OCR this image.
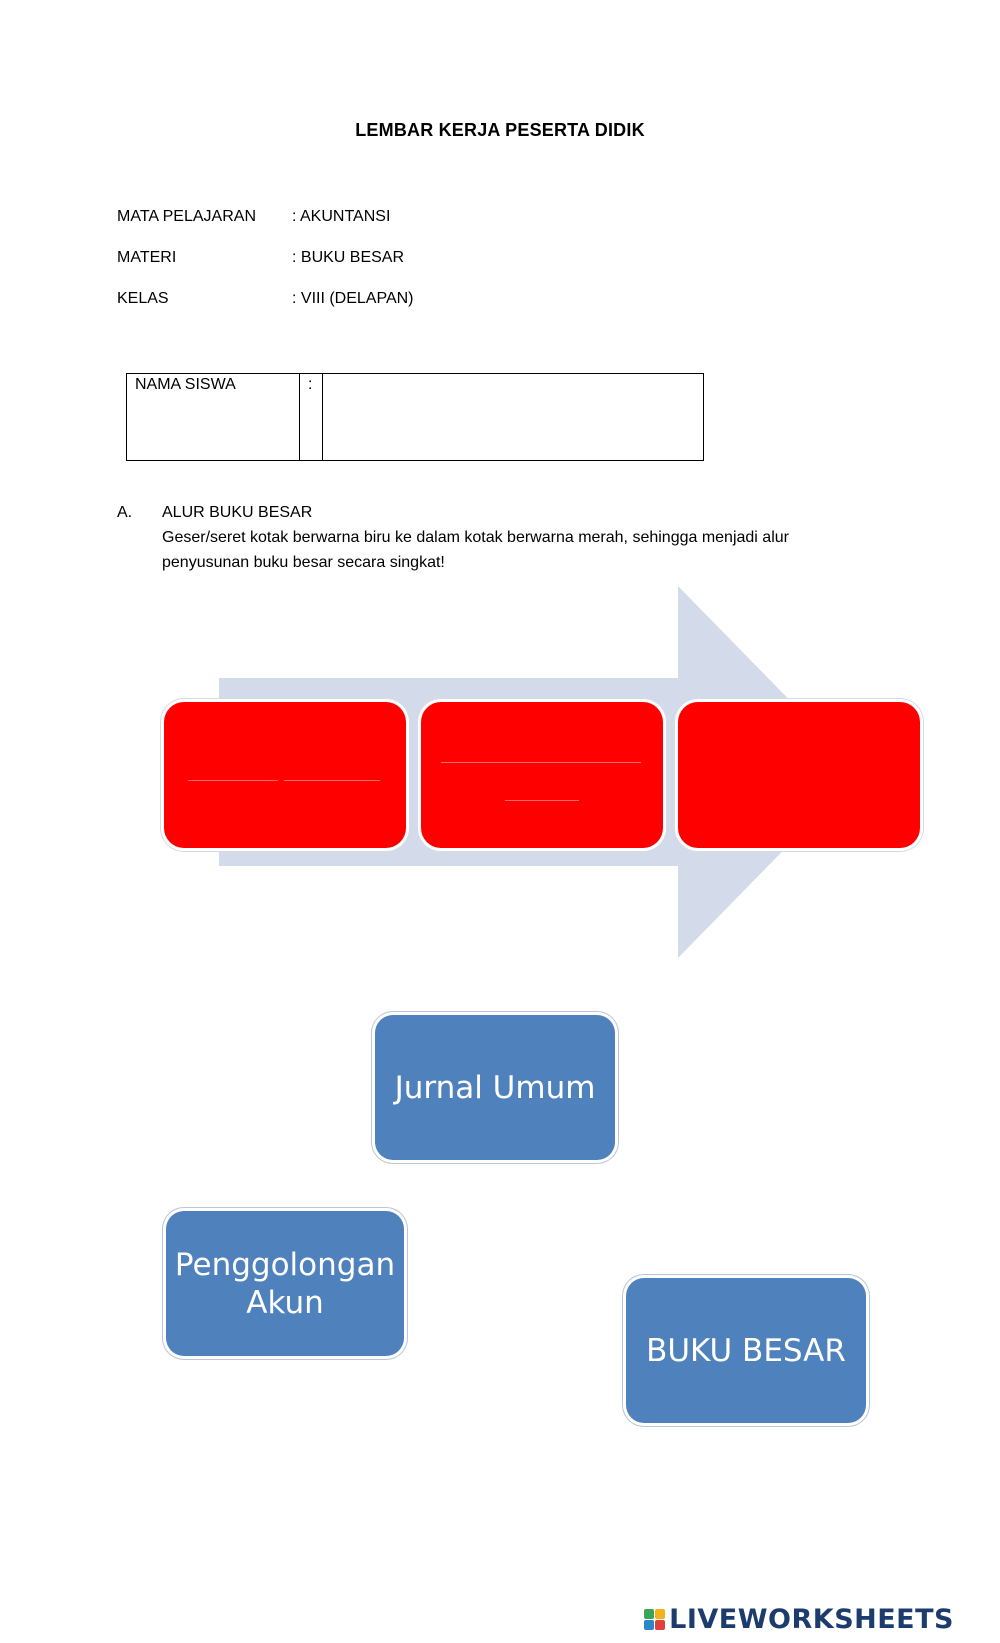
LEMBAR KERJA PESERTA DIDIK
MATA PELAJARAN : AKUNTANSI
MATERI	: BUKU BESAR
KELAS	: VIII (DELAPAN)
NAMA SISWA	:
A. ALUR BUKU BESAR
Geser/seret kotak berwarna biru ke dalam kotak berwarna merah, sehingga menjadi alur
penyusunan buku besar secara singkat!
Jurnal Umum
Penggolongan
Akun
BUKU BESAR
LIVEWORKSHEETS
